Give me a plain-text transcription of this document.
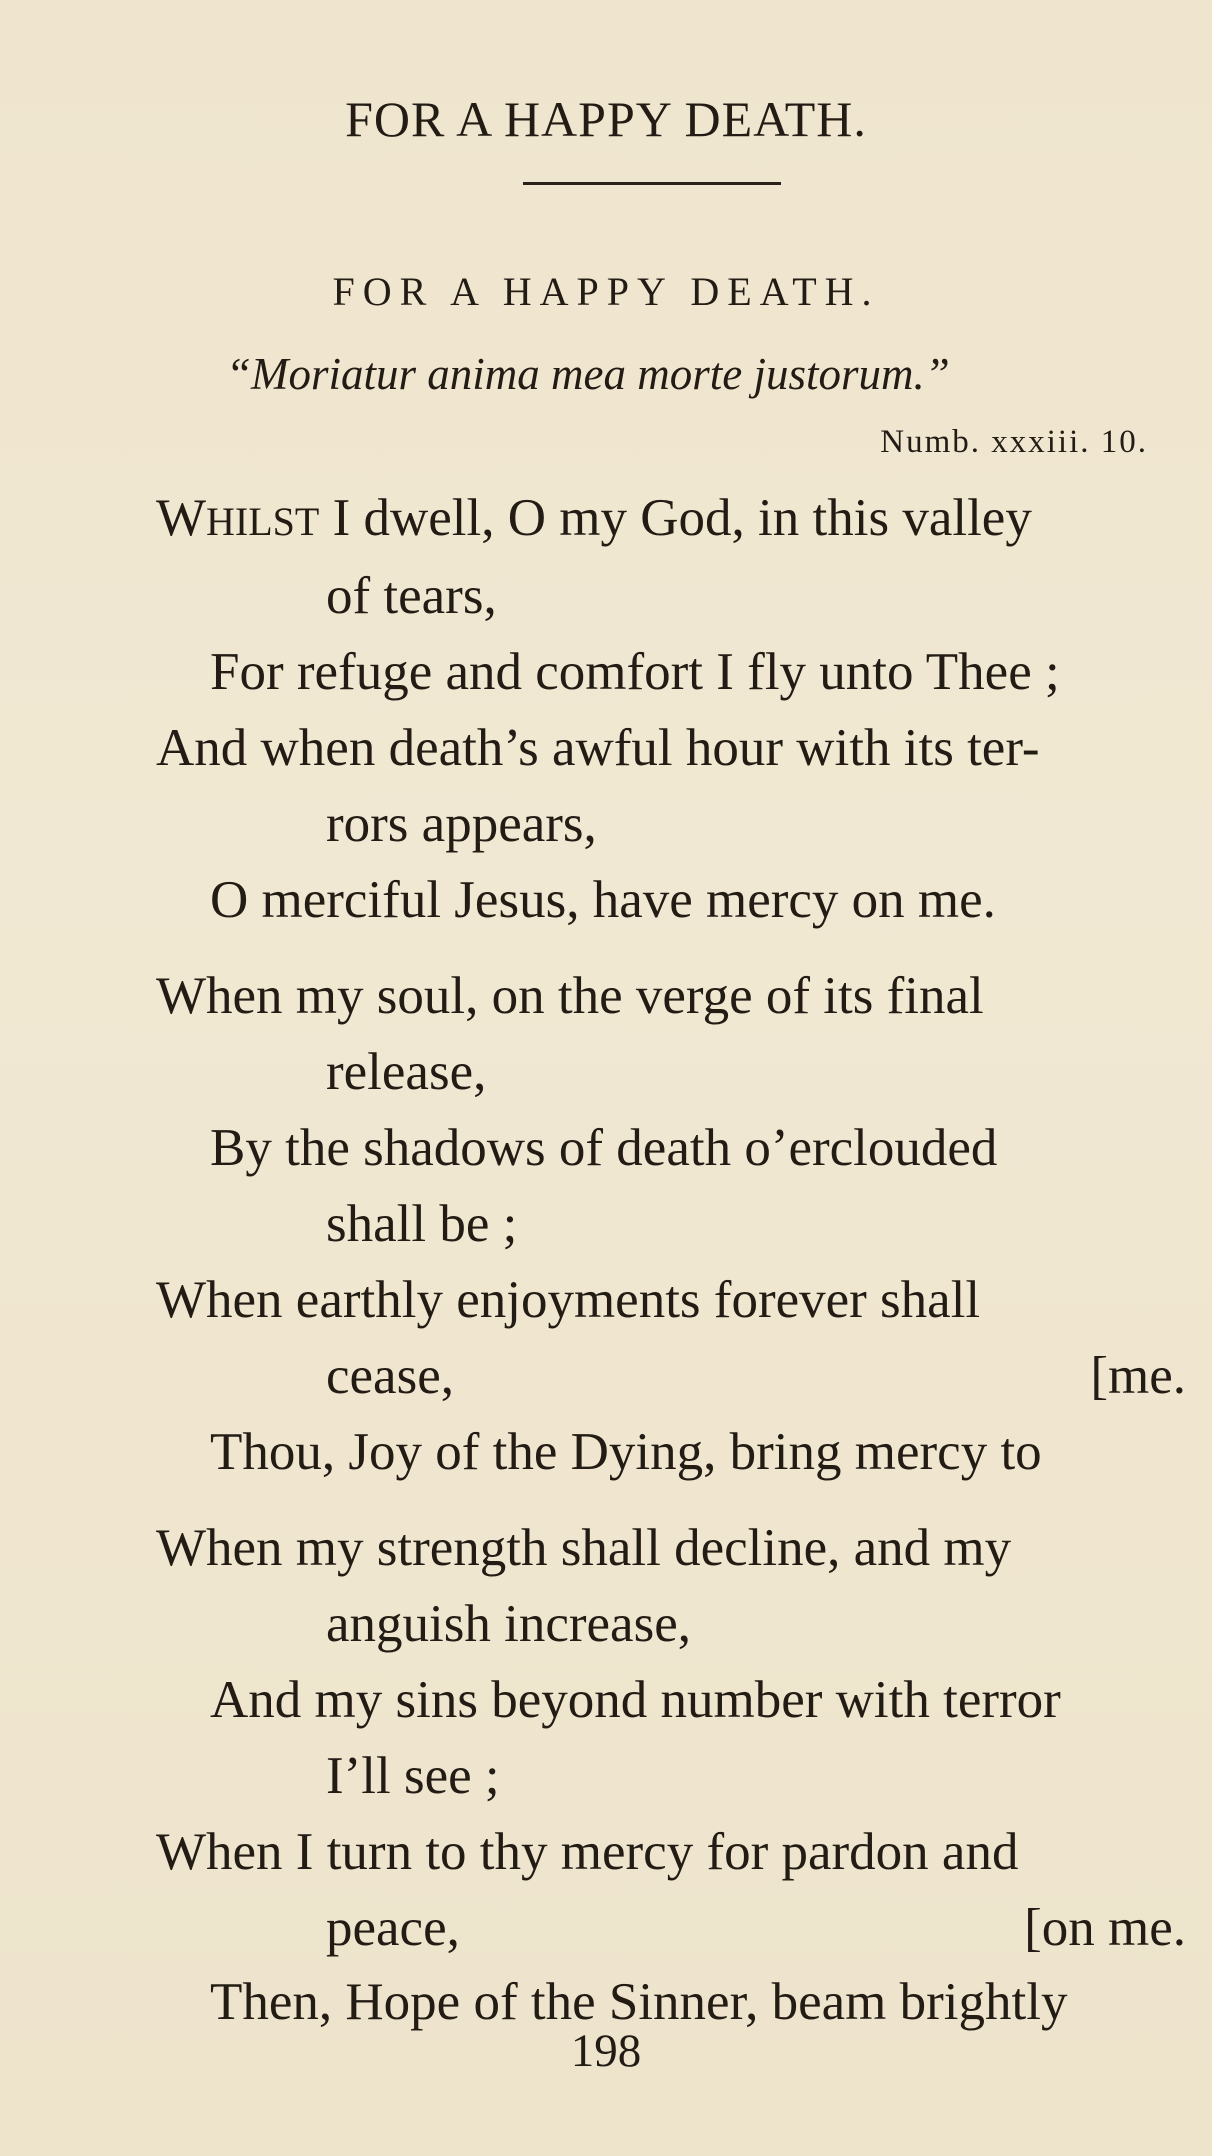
FOR A HAPPY DEATH.
FOR A HAPPY DEATH.
“Moriatur anima mea morte justorum.”
Numb. xxxiii. 10.
WHILST I dwell, O my God, in this valley
of tears,
For refuge and comfort I fly unto Thee ;
And when death’s awful hour with its ter-
rors appears,
O merciful Jesus, have mercy on me.
When my soul, on the verge of its final
release,
By the shadows of death o’erclouded
shall be ;
When earthly enjoyments forever shall
cease,	[me.
Thou, Joy of the Dying, bring mercy to
When my strength shall decline, and my
anguish increase,
And my sins beyond number with terror
I’ll see ;
When I turn to thy mercy for pardon and
peace,	[on me.
Then, Hope of the Sinner, beam brightly
198
